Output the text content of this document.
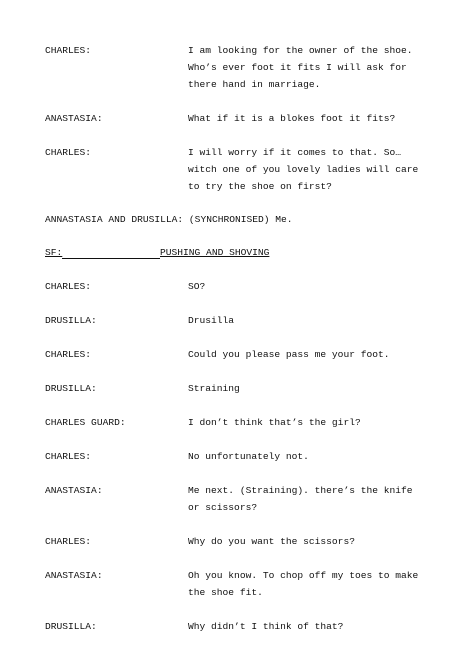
CHARLES:	I am looking for the owner of the shoe.
Who’s ever foot it fits I will ask for
there hand in marriage.
ANASTASIA:	What if it is a blokes foot it fits?
CHARLES:	I will worry if it comes to that. So…
witch one of you lovely ladies will care
to try the shoe on first?
ANNASTASIA AND DRUSILLA: (SYNCHRONISED) Me.
SF:	PUSHING AND SHOVING
CHARLES:	SO?
DRUSILLA:	Drusilla
CHARLES:	Could you please pass me your foot.
DRUSILLA:	Straining
CHARLES GUARD:	I don’t think that’s the girl?
CHARLES:	No unfortunately not.
ANASTASIA:	Me next. (Straining). there’s the knife
or scissors?
CHARLES:	Why do you want the scissors?
ANASTASIA:	Oh you know. To chop off my toes to make
the shoe fit.
DRUSILLA:	Why didn’t I think of that?
